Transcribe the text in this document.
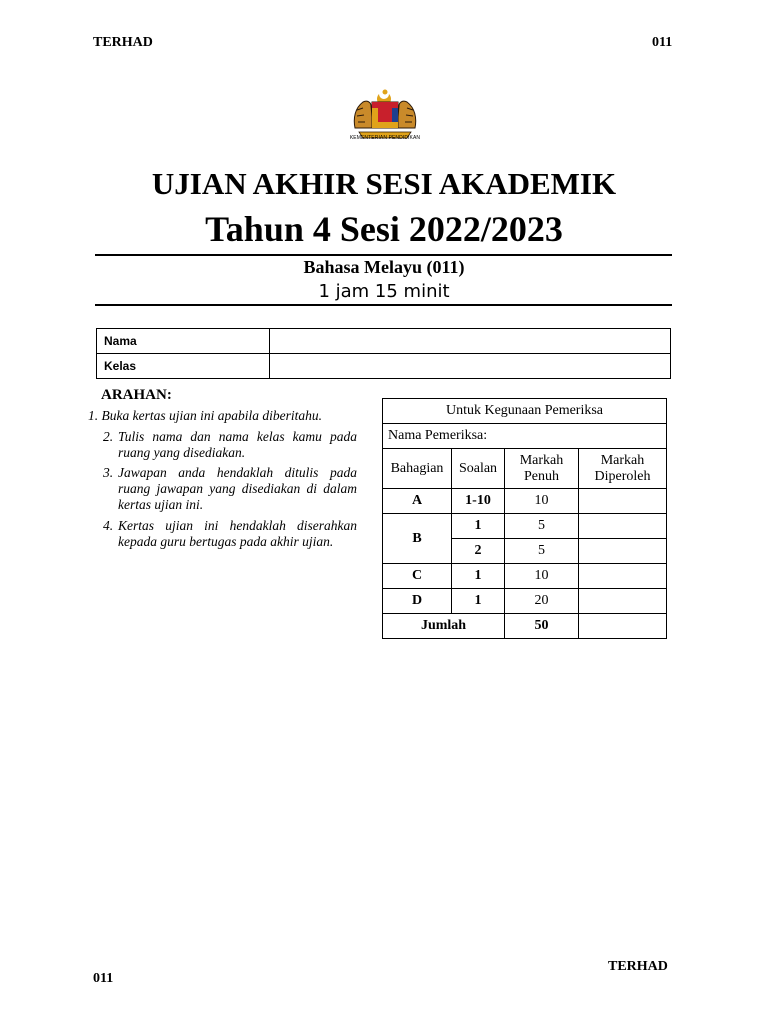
TERHAD	011
KEMENTERIAN PENDIDIKAN
UJIAN AKHIR SESI AKADEMIK
Tahun 4 Sesi 2022/2023
Bahasa Melayu (011)
1 jam 15 minit
Nama	
Kelas	
ARAHAN:
1. Buka kertas ujian ini apabila diberitahu.
2. Tulis nama dan nama kelas kamu pada ruang yang disediakan.
3. Jawapan anda hendaklah ditulis pada ruang jawapan yang disediakan di dalam kertas ujian ini.
4. Kertas ujian ini hendaklah diserahkan kepada guru bertugas pada akhir ujian.
Untuk Kegunaan Pemeriksa			
Nama Pemeriksa:			
Bahagian	Soalan	Markah Penuh	Markah Diperoleh
A	1-10	10	
B	1	5	
	2	5	
C	1	10	
D	1	20	
Jumlah		50	
011
TERHAD
